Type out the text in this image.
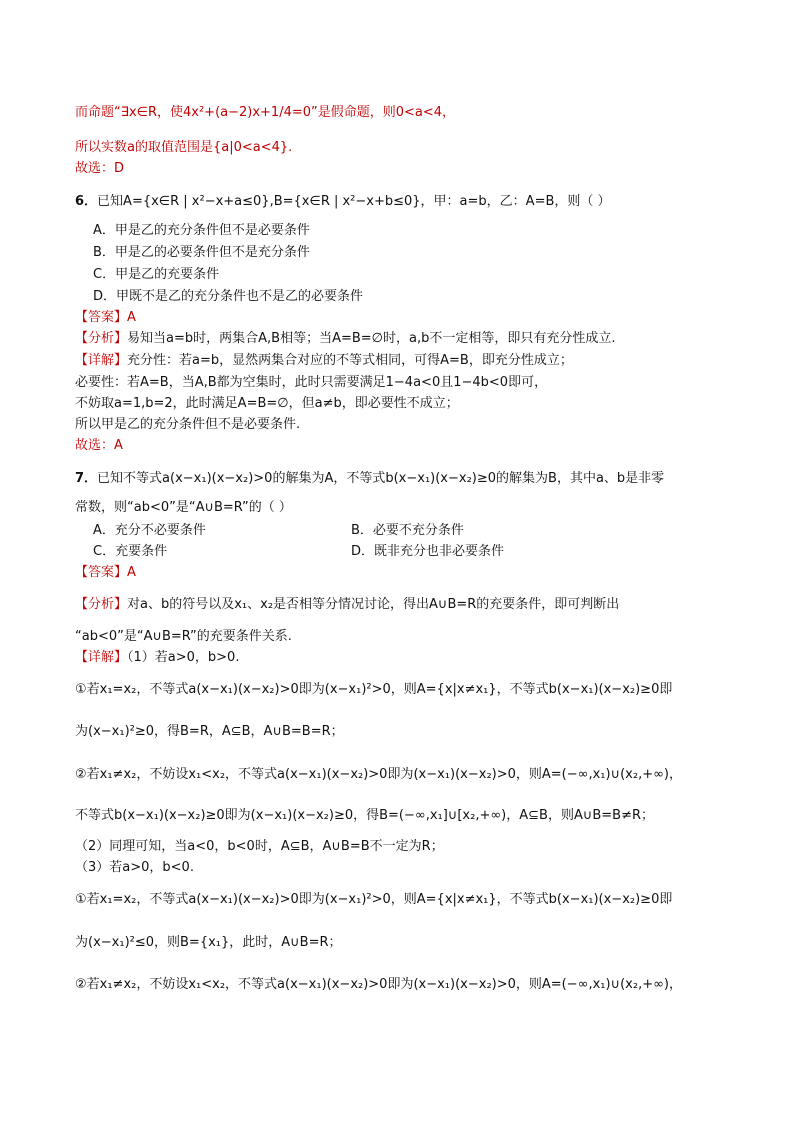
而命题“∃x∈R，使4x²+(a−2)x+1/4=0”是假命题，则0<a<4，
所以实数a的取值范围是{a|0<a<4}.
故选：D
6．已知A={x∈R | x²−x+a≤0},B={x∈R | x²−x+b≤0}，甲：a=b，乙：A=B，则（ ）
A．甲是乙的充分条件但不是必要条件
B．甲是乙的必要条件但不是充分条件
C．甲是乙的充要条件
D．甲既不是乙的充分条件也不是乙的必要条件
【答案】A
【分析】易知当a=b时，两集合A,B相等；当A=B=∅时，a,b不一定相等，即只有充分性成立.
【详解】充分性：若a=b，显然两集合对应的不等式相同，可得A=B，即充分性成立；
必要性：若A=B，当A,B都为空集时，此时只需要满足1−4a<0且1−4b<0即可，
不妨取a=1,b=2，此时满足A=B=∅，但a≠b，即必要性不成立；
所以甲是乙的充分条件但不是必要条件.
故选：A
7．已知不等式a(x−x₁)(x−x₂)>0的解集为A，不等式b(x−x₁)(x−x₂)≥0的解集为B，其中a、b是非零
常数，则“ab<0”是“A∪B=R”的（ ）
A．充分不必要条件	B．必要不充分条件
C．充要条件	D．既非充分也非必要条件
【答案】A
【分析】对a、b的符号以及x₁、x₂是否相等分情况讨论，得出A∪B=R的充要条件，即可判断出
“ab<0”是“A∪B=R”的充要条件关系.
【详解】（1）若a>0，b>0.
①若x₁=x₂，不等式a(x−x₁)(x−x₂)>0即为(x−x₁)²>0，则A={x|x≠x₁}，不等式b(x−x₁)(x−x₂)≥0即
为(x−x₁)²≥0，得B=R，A⊆B，A∪B=B=R；
②若x₁≠x₂，不妨设x₁<x₂，不等式a(x−x₁)(x−x₂)>0即为(x−x₁)(x−x₂)>0，则A=(−∞,x₁)∪(x₂,+∞)，
不等式b(x−x₁)(x−x₂)≥0即为(x−x₁)(x−x₂)≥0，得B=(−∞,x₁]∪[x₂,+∞)，A⊆B，则A∪B=B≠R；
（2）同理可知，当a<0，b<0时，A⊆B，A∪B=B不一定为R；
（3）若a>0，b<0.
①若x₁=x₂，不等式a(x−x₁)(x−x₂)>0即为(x−x₁)²>0，则A={x|x≠x₁}，不等式b(x−x₁)(x−x₂)≥0即
为(x−x₁)²≤0，则B={x₁}，此时，A∪B=R；
②若x₁≠x₂，不妨设x₁<x₂，不等式a(x−x₁)(x−x₂)>0即为(x−x₁)(x−x₂)>0，则A=(−∞,x₁)∪(x₂,+∞)，
